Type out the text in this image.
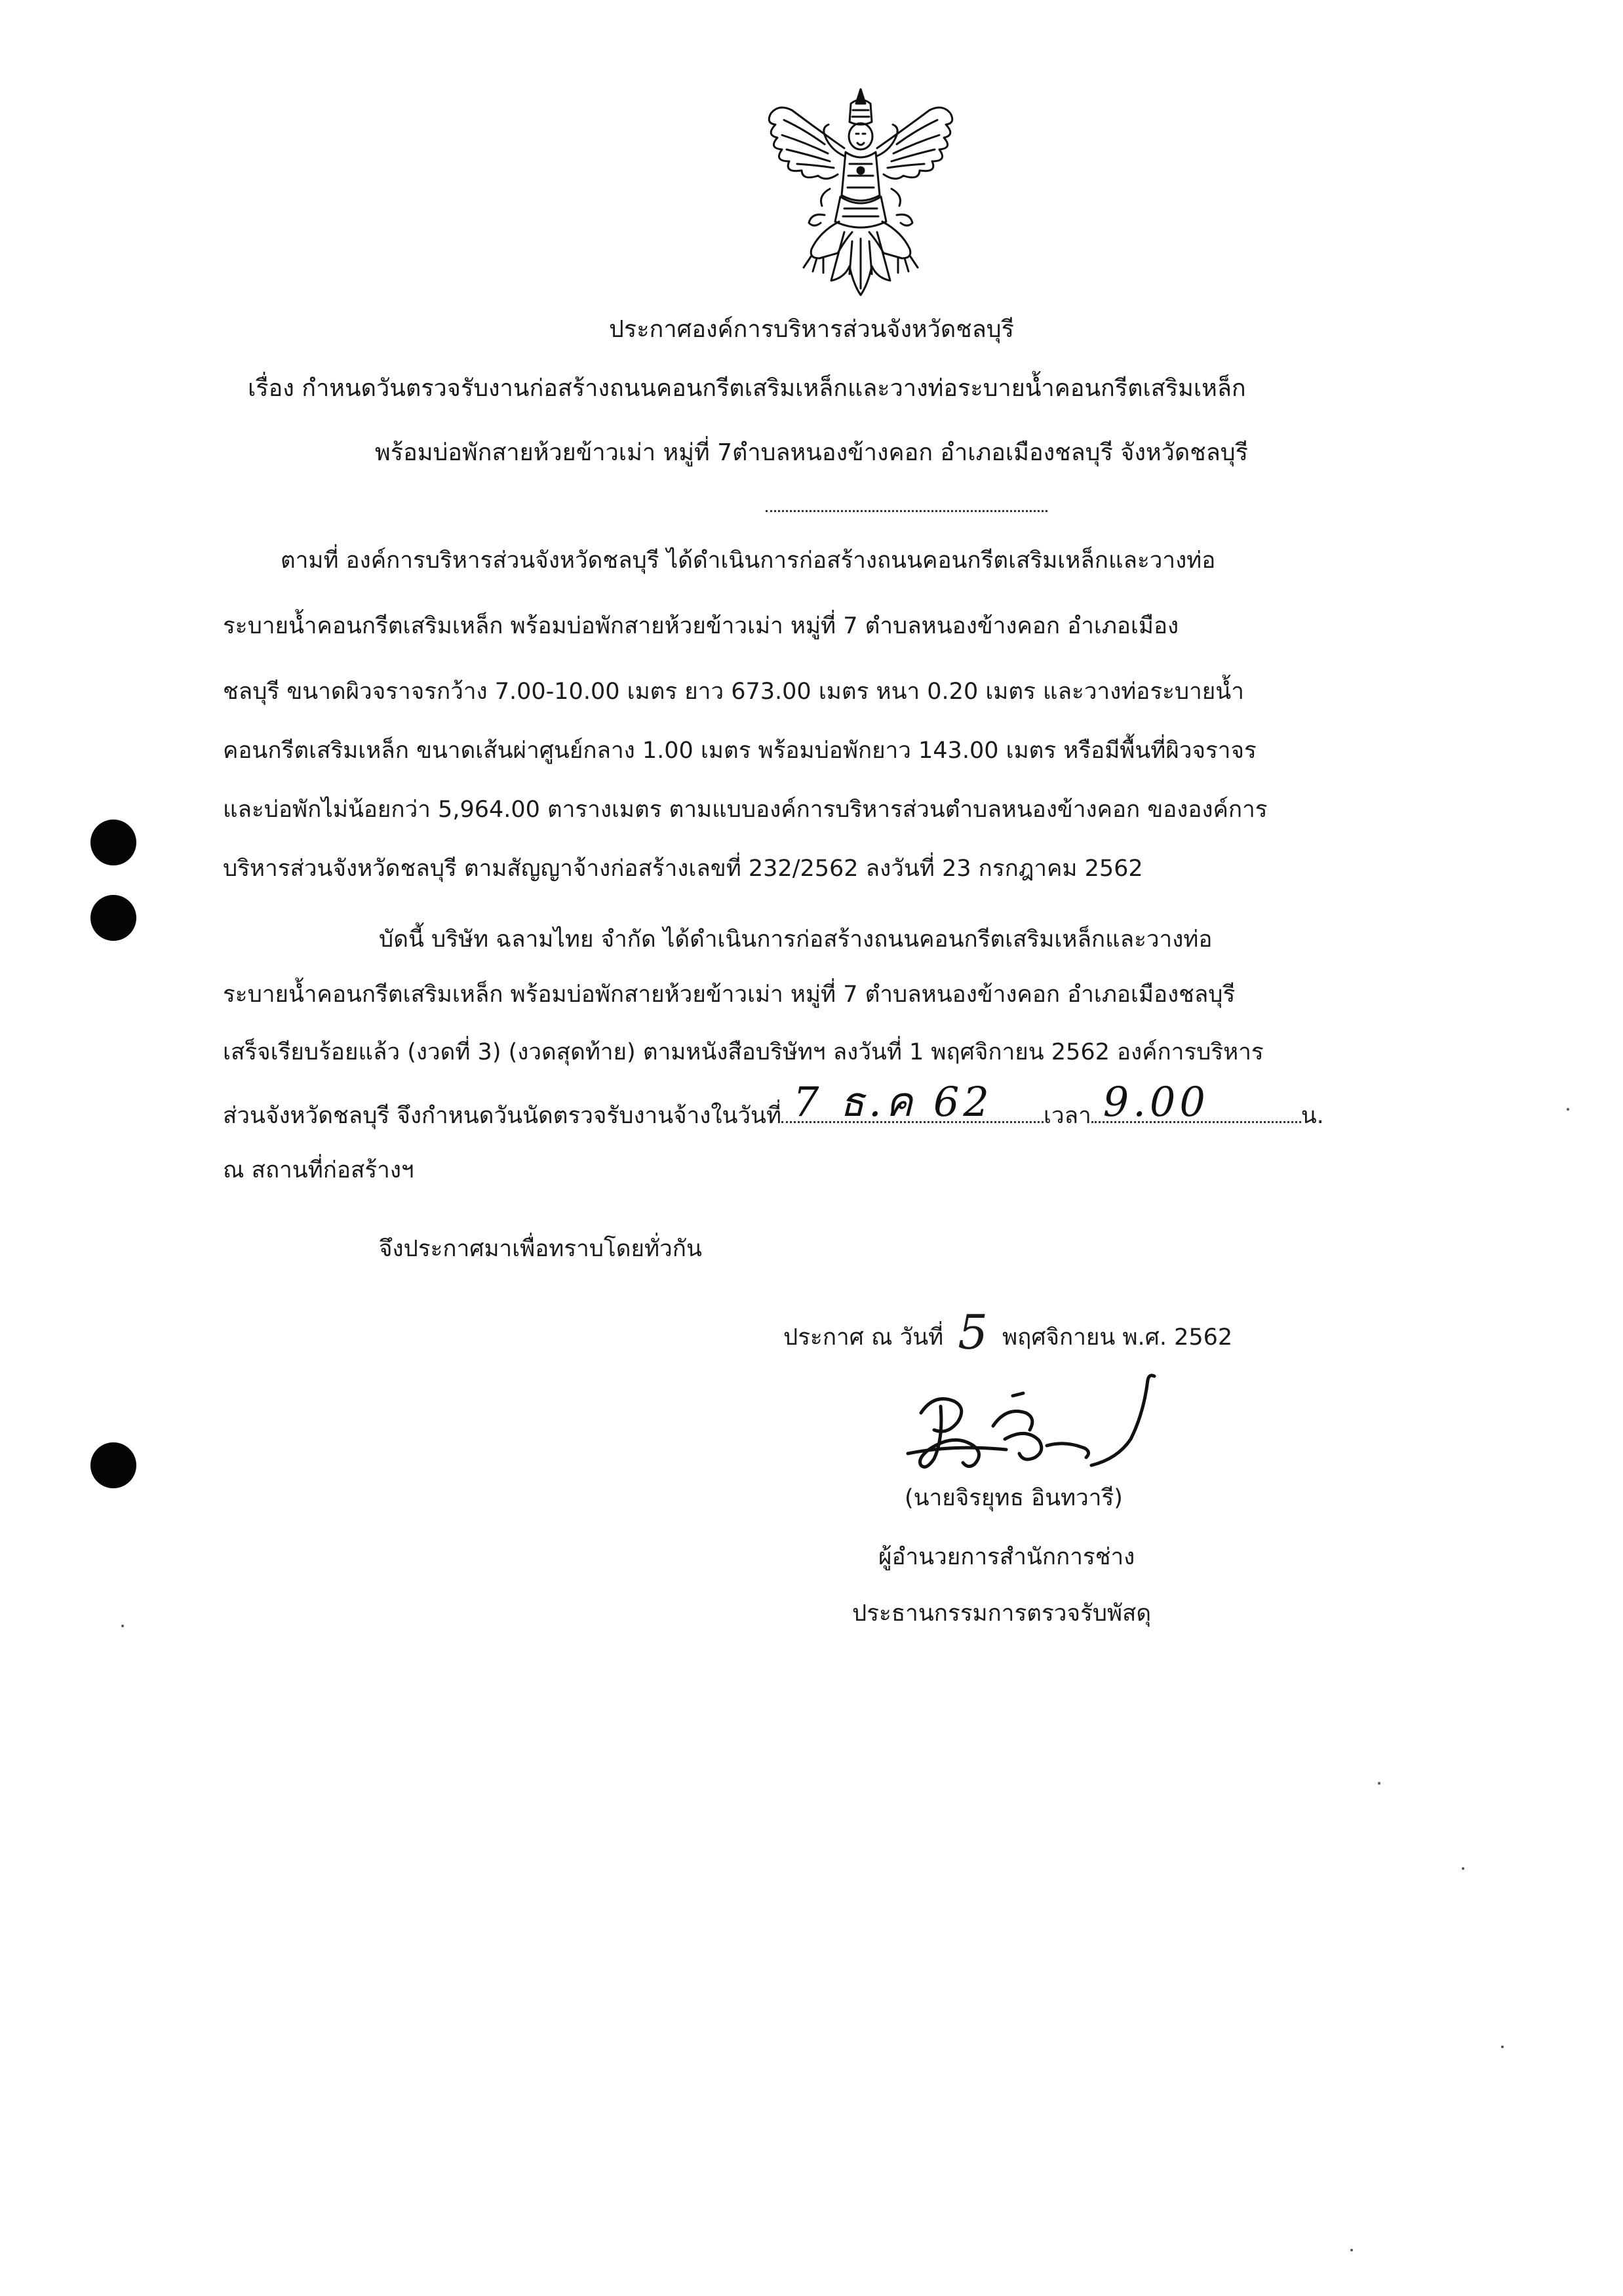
ประกาศองค์การบริหารส่วนจังหวัดชลบุรี
เรื่อง กำหนดวันตรวจรับงานก่อสร้างถนนคอนกรีตเสริมเหล็กและวางท่อระบายน้ำคอนกรีตเสริมเหล็ก
พร้อมบ่อพักสายห้วยข้าวเม่า หมู่ที่ 7ตำบลหนองข้างคอก อำเภอเมืองชลบุรี จังหวัดชลบุรี
ตามที่ องค์การบริหารส่วนจังหวัดชลบุรี ได้ดำเนินการก่อสร้างถนนคอนกรีตเสริมเหล็กและวางท่อ
ระบายน้ำคอนกรีตเสริมเหล็ก พร้อมบ่อพักสายห้วยข้าวเม่า หมู่ที่ 7 ตำบลหนองข้างคอก อำเภอเมือง
ชลบุรี ขนาดผิวจราจรกว้าง 7.00-10.00 เมตร ยาว 673.00 เมตร หนา 0.20 เมตร และวางท่อระบายน้ำ
คอนกรีตเสริมเหล็ก ขนาดเส้นผ่าศูนย์กลาง 1.00 เมตร พร้อมบ่อพักยาว 143.00 เมตร หรือมีพื้นที่ผิวจราจร
และบ่อพักไม่น้อยกว่า 5,964.00 ตารางเมตร ตามแบบองค์การบริหารส่วนตำบลหนองข้างคอก ขององค์การ
บริหารส่วนจังหวัดชลบุรี ตามสัญญาจ้างก่อสร้างเลขที่ 232/2562 ลงวันที่ 23 กรกฎาคม 2562
บัดนี้ บริษัท ฉลามไทย จำกัด ได้ดำเนินการก่อสร้างถนนคอนกรีตเสริมเหล็กและวางท่อ
ระบายน้ำคอนกรีตเสริมเหล็ก พร้อมบ่อพักสายห้วยข้าวเม่า หมู่ที่ 7 ตำบลหนองข้างคอก อำเภอเมืองชลบุรี
เสร็จเรียบร้อยแล้ว (งวดที่ 3) (งวดสุดท้าย) ตามหนังสือบริษัทฯ ลงวันที่ 1 พฤศจิกายน 2562 องค์การบริหาร
ส่วนจังหวัดชลบุรี จึงกำหนดวันนัดตรวจรับงานจ้างในวันที่ 7 ธ.ค 62 เวลา 9.00	น.
ณ สถานที่ก่อสร้างฯ
จึงประกาศมาเพื่อทราบโดยทั่วกัน
ประกาศ ณ วันที่ 5 พฤศจิกายน พ.ศ. 2562
(นายจิรยุทธ อินทวารี)
ผู้อำนวยการสำนักการช่าง
ประธานกรรมการตรวจรับพัสดุ
